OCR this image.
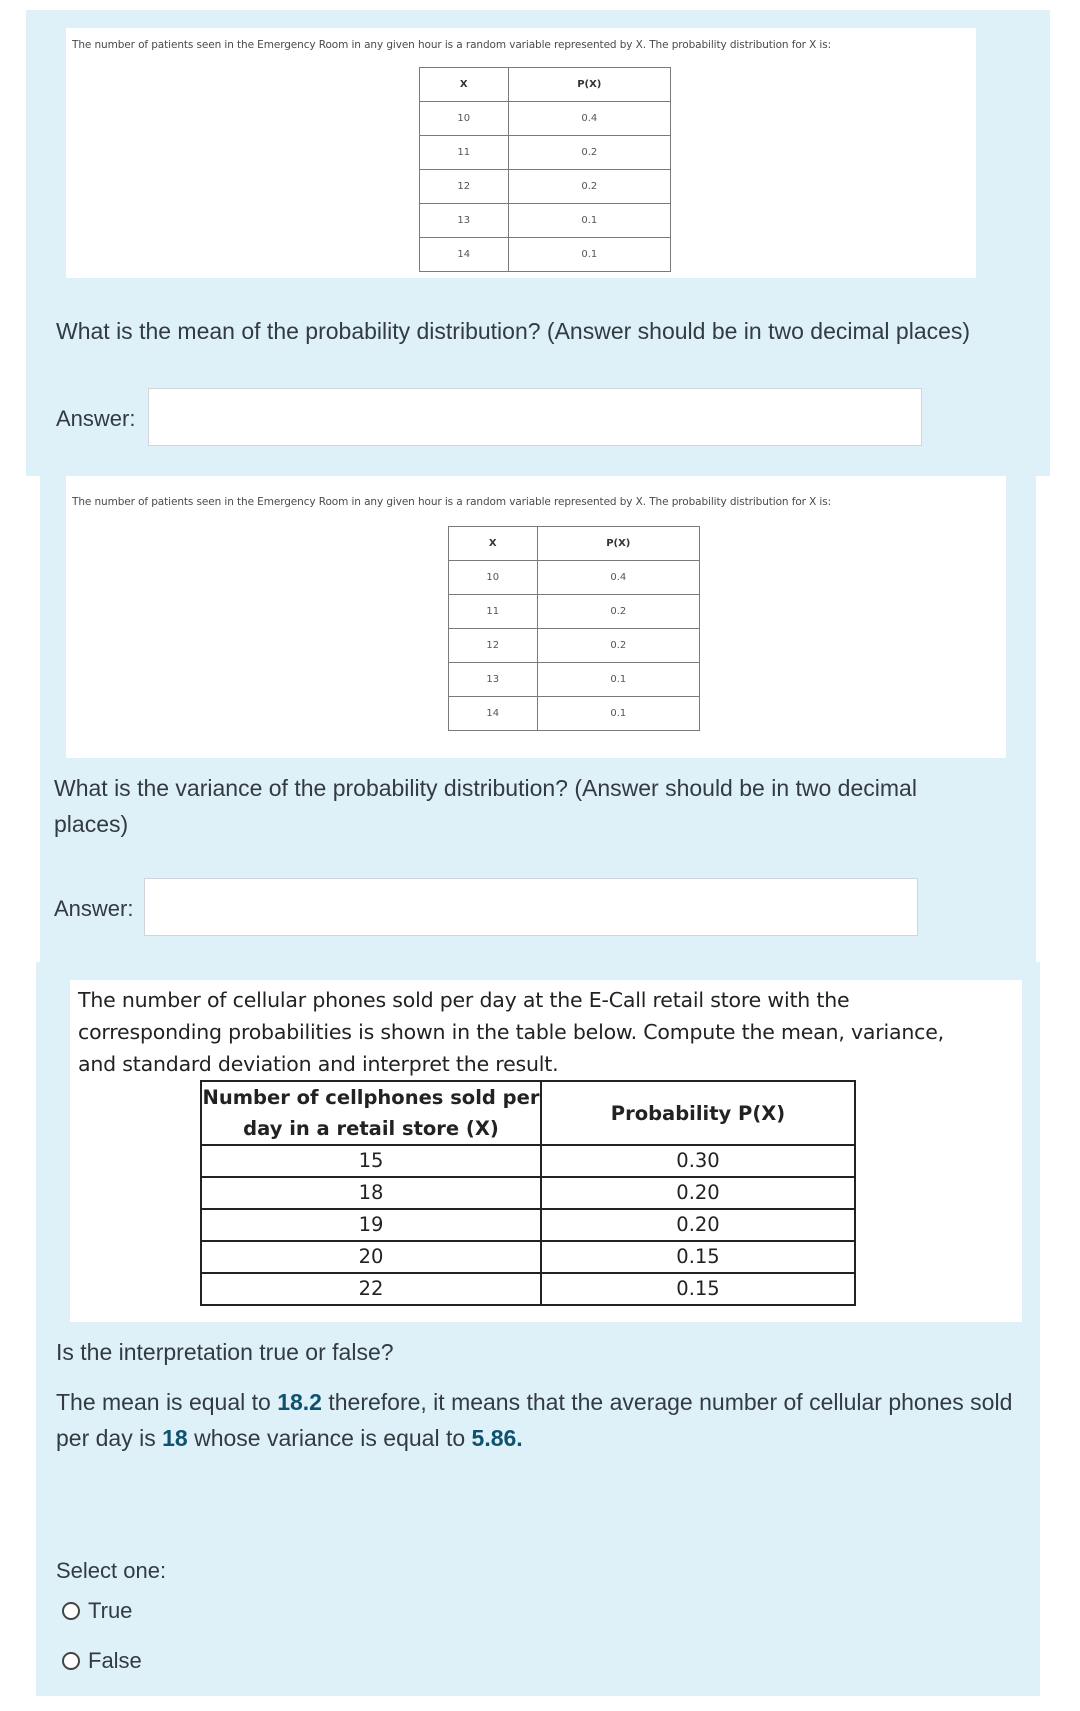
The number of patients seen in the Emergency Room in any given hour is a random variable represented by X. The probability distribution for X is:
X	P(X)
10	0.4
11	0.2
12	0.2
13	0.1
14	0.1
What is the mean of the probability distribution? (Answer should be in two decimal places)
Answer:
The number of patients seen in the Emergency Room in any given hour is a random variable represented by X. The probability distribution for X is:
X	P(X)
10	0.4
11	0.2
12	0.2
13	0.1
14	0.1
What is the variance of the probability distribution? (Answer should be in two decimal places)
Answer:
The number of cellular phones sold per day at the E-Call retail store with the corresponding probabilities is shown in the table below. Compute the mean, variance, and standard deviation and interpret the result.
Number of cellphones sold per day in a retail store (X)	Probability P(X)
15	0.30
18	0.20
19	0.20
20	0.15
22	0.15
Is the interpretation true or false?
The mean is equal to 18.2 therefore, it means that the average number of cellular phones sold per day is 18 whose variance is equal to 5.86.
Select one:
True
False
